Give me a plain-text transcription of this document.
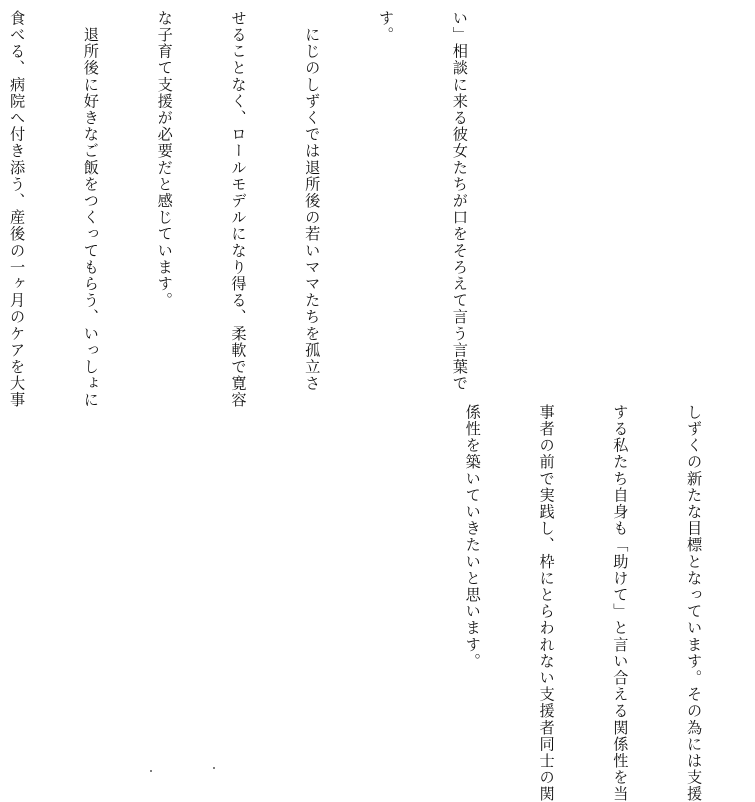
い」相談に来る彼女たちが口をそろえて言う言葉で

す。

　にじのしずくでは退所後の若いママたちを孤立さ

せることなく、ロールモデルになり得る、柔軟で寛容

な子育て支援が必要だと感じています。

　退所後に好きなご飯をつくってもらう、いっしょに

食べる、病院へ付き添う、産後の一ヶ月のケアを大事

しずくの新たな目標となっています。その為には支援

する私たち自身も「助けて」と言い合える関係性を当

事者の前で実践し、枠にとらわれない支援者同士の関

係性を築いていきたいと思います。
